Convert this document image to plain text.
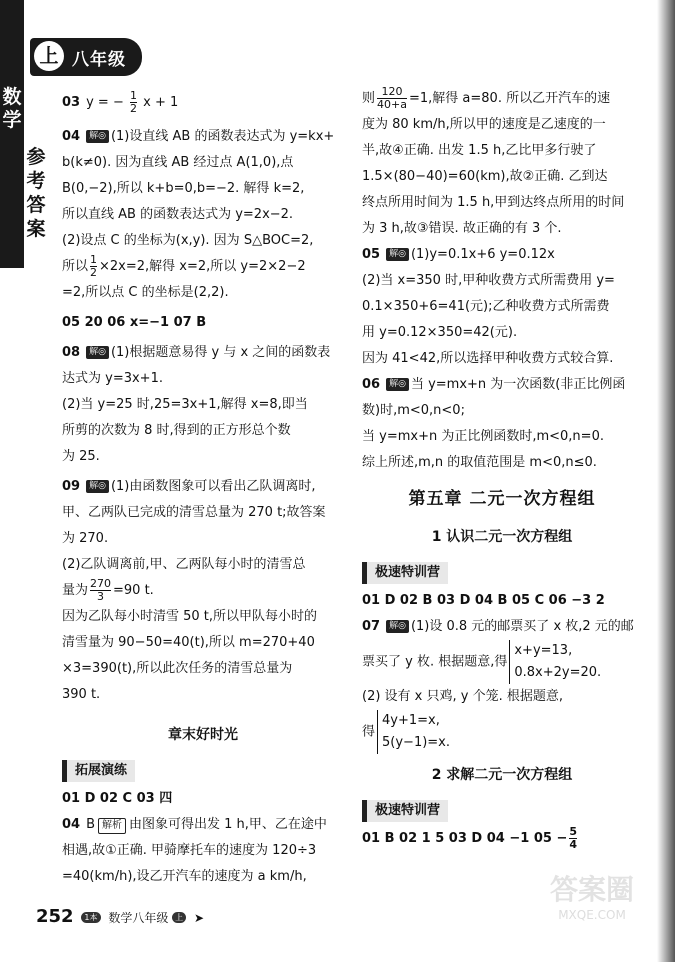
上 八年级
数
学
参
考
答
案

03 y = − $\frac{1}{2}$ x + 1

04 解◎ (1)设直线 AB 的函数表达式为 y=kx+

b(k≠0). 因为直线 AB 经过点 A(1,0),点

B(0,−2),所以 k+b=0,b=−2. 解得 k=2,

所以直线 AB 的函数表达式为 y=2x−2.

(2)设点 C 的坐标为(x,y). 因为 S△BOC=2,

所以 $\frac{1}{2} \times 2x=2$,解得 x=2,所以 y=2×2−2

=2,所以点 C 的坐标是(2,2).

05 20 06 x=−1 07 B

08 解◎ (1)根据题意易得 y 与 x 之间的函数表

达式为 y=3x+1.

(2)当 y=25 时,25=3x+1,解得 x=8,即当

所剪的次数为 8 时,得到的正方形总个数

为 25.

09 解◎ (1)由函数图象可以看出乙队调离时,

甲、乙两队已完成的清雪总量为 270 t;故答案

为 270.

(2)乙队调离前,甲、乙两队每小时的清雪总

量为 $\frac{270}{3} =90$ t.

因为乙队每小时清雪 50 t,所以甲队每小时的

清雪量为 90−50=40(t),所以 m=270+40

×3=390(t),所以此次任务的清雪总量为

390 t.

章末好时光
拓展演练

01 D 02 C 03 四

04 B 解析 由图象可得出发 1 h,甲、乙在途中

相遇,故①正确. 甲骑摩托车的速度为 120÷3

=40(km/h),设乙开汽车的速度为 a km/h,

则 $\frac{120}{40+a} =1$,解得 a=80. 所以乙开汽车的速

度为 80 km/h,所以甲的速度是乙速度的一

半,故④正确. 出发 1.5 h,乙比甲多行驶了

1.5×(80−40)=60(km),故②正确. 乙到达

终点所用时间为 1.5 h,甲到达终点所用的时间

为 3 h,故③错误. 故正确的有 3 个.

05 解◎ (1)y=0.1x+6 y=0.12x

(2)当 x=350 时,甲种收费方式所需费用 y=

0.1×350+6=41(元);乙种收费方式所需费

用 y=0.12×350=42(元).

因为 41<42,所以选择甲种收费方式较合算.

06 解◎ 当 y=mx+n 为一次函数(非正比例函

数)时,m<0,n<0;

当 y=mx+n 为正比例函数时,m<0,n=0.

综上所述,m,n 的取值范围是 m<0,n≤0.

第五章 二元一次方程组
1 认识二元一次方程组
极速特训营

01 D 02 B 03 D 04 B 05 C 06 −3 2

07 解◎ (1)设 0.8 元的邮票买了 x 枚,2 元的邮

票买了 y 枚. 根据题意,得
x+y=13,
0.8x+2y=20.

(2) 设有 x 只鸡, y 个笼. 根据题意,

得
4y+1=x,
5(y−1)=x.

2 求解二元一次方程组
极速特训营

01 B 02 1 5 03 D 04 −1 $05 - \frac{5}{4}$

252 1本 数学八年级 上 ➤
答案圈
MXQE.COM
